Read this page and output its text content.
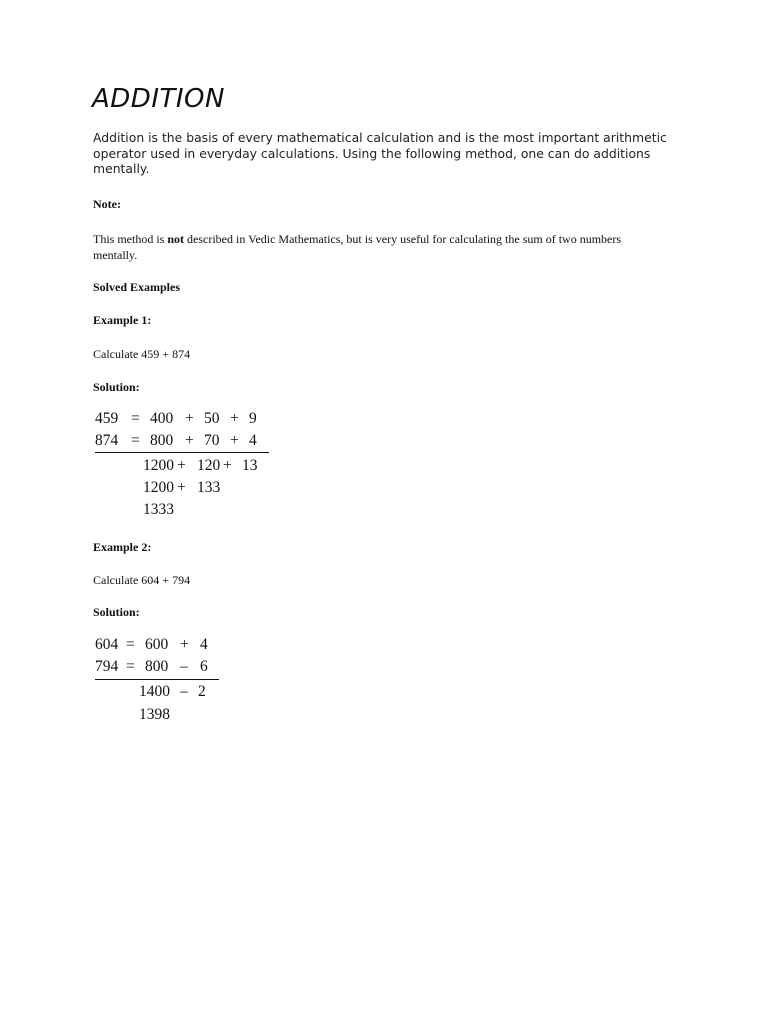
ADDITION
Addition is the basis of every mathematical calculation and is the most important arithmetic operator used in everyday calculations. Using the following method, one can do additions mentally.
Note:
This method is not described in Vedic Mathematics, but is very useful for calculating the sum of two numbers mentally.
Solved Examples
Example 1:
Calculate 459 + 874
Solution:
459 = 400 + 50 + 9
874 = 800 + 70 + 4
1200 + 120 + 13
1200 + 133
1333
Example 2:
Calculate 604 + 794
Solution:
604 = 600 + 4
794 = 800 – 6
1400 – 2
1398
